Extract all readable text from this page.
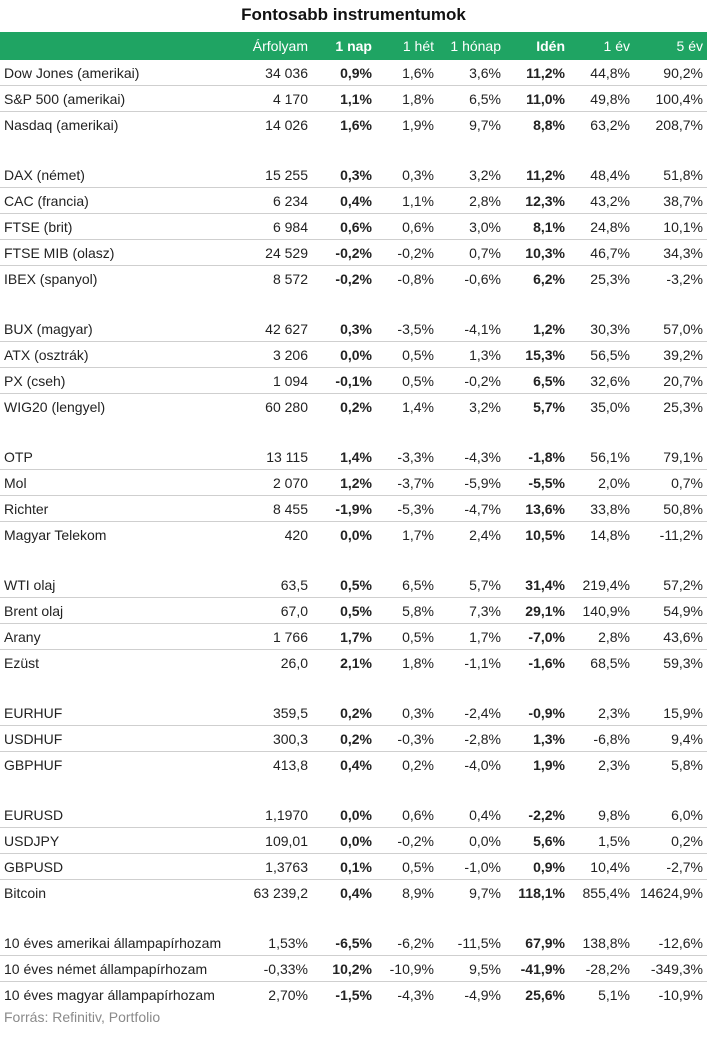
Fontosabb instrumentumok
	Árfolyam	1 nap	1 hét	1 hónap	Idén	1 év	5 év
Dow Jones (amerikai)	34 036	0,9%	1,6%	3,6%	11,2%	44,8%	90,2%
S&P 500 (amerikai)	4 170	1,1%	1,8%	6,5%	11,0%	49,8%	100,4%
Nasdaq (amerikai)	14 026	1,6%	1,9%	9,7%	8,8%	63,2%	208,7%

DAX (német)	15 255	0,3%	0,3%	3,2%	11,2%	48,4%	51,8%
CAC (francia)	6 234	0,4%	1,1%	2,8%	12,3%	43,2%	38,7%
FTSE (brit)	6 984	0,6%	0,6%	3,0%	8,1%	24,8%	10,1%
FTSE MIB (olasz)	24 529	-0,2%	-0,2%	0,7%	10,3%	46,7%	34,3%
IBEX (spanyol)	8 572	-0,2%	-0,8%	-0,6%	6,2%	25,3%	-3,2%

BUX (magyar)	42 627	0,3%	-3,5%	-4,1%	1,2%	30,3%	57,0%
ATX (osztrák)	3 206	0,0%	0,5%	1,3%	15,3%	56,5%	39,2%
PX (cseh)	1 094	-0,1%	0,5%	-0,2%	6,5%	32,6%	20,7%
WIG20 (lengyel)	60 280	0,2%	1,4%	3,2%	5,7%	35,0%	25,3%

OTP	13 115	1,4%	-3,3%	-4,3%	-1,8%	56,1%	79,1%
Mol	2 070	1,2%	-3,7%	-5,9%	-5,5%	2,0%	0,7%
Richter	8 455	-1,9%	-5,3%	-4,7%	13,6%	33,8%	50,8%
Magyar Telekom	420	0,0%	1,7%	2,4%	10,5%	14,8%	-11,2%

WTI olaj	63,5	0,5%	6,5%	5,7%	31,4%	219,4%	57,2%
Brent olaj	67,0	0,5%	5,8%	7,3%	29,1%	140,9%	54,9%
Arany	1 766	1,7%	0,5%	1,7%	-7,0%	2,8%	43,6%
Ezüst	26,0	2,1%	1,8%	-1,1%	-1,6%	68,5%	59,3%

EURHUF	359,5	0,2%	0,3%	-2,4%	-0,9%	2,3%	15,9%
USDHUF	300,3	0,2%	-0,3%	-2,8%	1,3%	-6,8%	9,4%
GBPHUF	413,8	0,4%	0,2%	-4,0%	1,9%	2,3%	5,8%

EURUSD	1,1970	0,0%	0,6%	0,4%	-2,2%	9,8%	6,0%
USDJPY	109,01	0,0%	-0,2%	0,0%	5,6%	1,5%	0,2%
GBPUSD	1,3763	0,1%	0,5%	-1,0%	0,9%	10,4%	-2,7%
Bitcoin	63 239,2	0,4%	8,9%	9,7%	118,1%	855,4%	14624,9%

10 éves amerikai állampapírhozam	1,53%	-6,5%	-6,2%	-11,5%	67,9%	138,8%	-12,6%
10 éves német állampapírhozam	-0,33%	10,2%	-10,9%	9,5%	-41,9%	-28,2%	-349,3%
10 éves magyar állampapírhozam	2,70%	-1,5%	-4,3%	-4,9%	25,6%	5,1%	-10,9%
Forrás: Refinitiv, Portfolio
